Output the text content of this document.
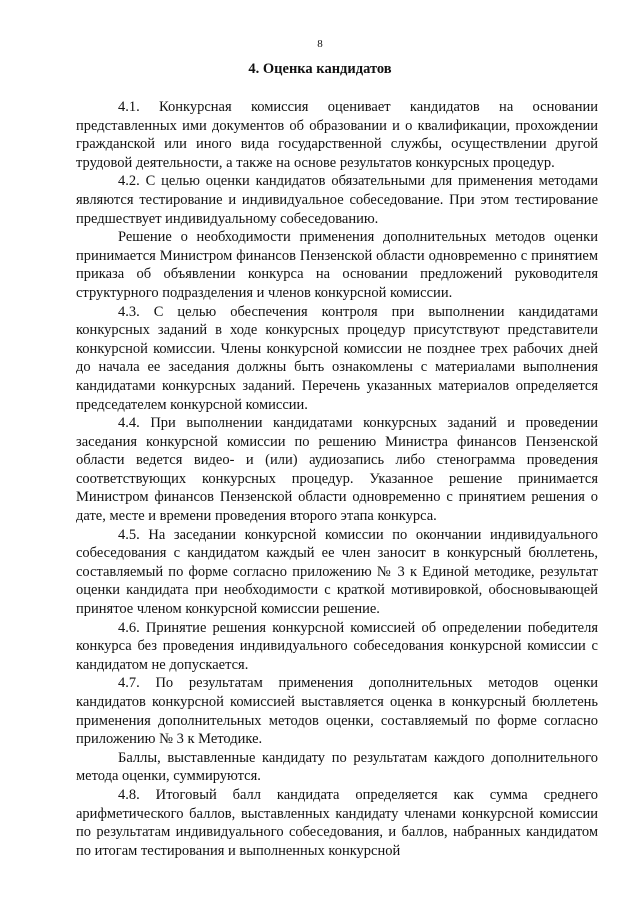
8
4. Оценка кандидатов

4.1. Конкурсная комиссия оценивает кандидатов на основании представленных ими документов об образовании и о квалификации, прохождении гражданской или иного вида государственной службы, осуществлении другой трудовой деятельности, а также на основе результатов конкурсных процедур.

4.2. С целью оценки кандидатов обязательными для применения методами являются тестирование и индивидуальное собеседование. При этом тестирование предшествует индивидуальному собеседованию.

Решение о необходимости применения дополнительных методов оценки принимается Министром финансов Пензенской области одновременно с принятием приказа об объявлении конкурса на основании предложений руководителя структурного подразделения и членов конкурсной комиссии.

4.3. С целью обеспечения контроля при выполнении кандидатами конкурсных заданий в ходе конкурсных процедур присутствуют представители конкурсной комиссии. Члены конкурсной комиссии не позднее трех рабочих дней до начала ее заседания должны быть ознакомлены с материалами выполнения кандидатами конкурсных заданий. Перечень указанных материалов определяется председателем конкурсной комиссии.

4.4. При выполнении кандидатами конкурсных заданий и проведении заседания конкурсной комиссии по решению Министра финансов Пензенской области ведется видео- и (или) аудиозапись либо стенограмма проведения соответствующих конкурсных процедур. Указанное решение принимается Министром финансов Пензенской области одновременно с принятием решения о дате, месте и времени проведения второго этапа конкурса.

4.5. На заседании конкурсной комиссии по окончании индивидуального собеседования с кандидатом каждый ее член заносит в конкурсный бюллетень, составляемый по форме согласно приложению № 3 к Единой методике, результат оценки кандидата при необходимости с краткой мотивировкой, обосновывающей принятое членом конкурсной комиссии решение.

4.6. Принятие решения конкурсной комиссией об определении победителя конкурса без проведения индивидуального собеседования конкурсной комиссии с кандидатом не допускается.

4.7. По результатам применения дополнительных методов оценки кандидатов конкурсной комиссией выставляется оценка в конкурсный бюллетень применения дополнительных методов оценки, составляемый по форме согласно приложению № 3 к Методике.

Баллы, выставленные кандидату по результатам каждого дополнительного метода оценки, суммируются.

4.8. Итоговый балл кандидата определяется как сумма среднего арифметического баллов, выставленных кандидату членами конкурсной комиссии по результатам индивидуального собеседования, и баллов, набранных кандидатом по итогам тестирования и выполненных конкурсной
